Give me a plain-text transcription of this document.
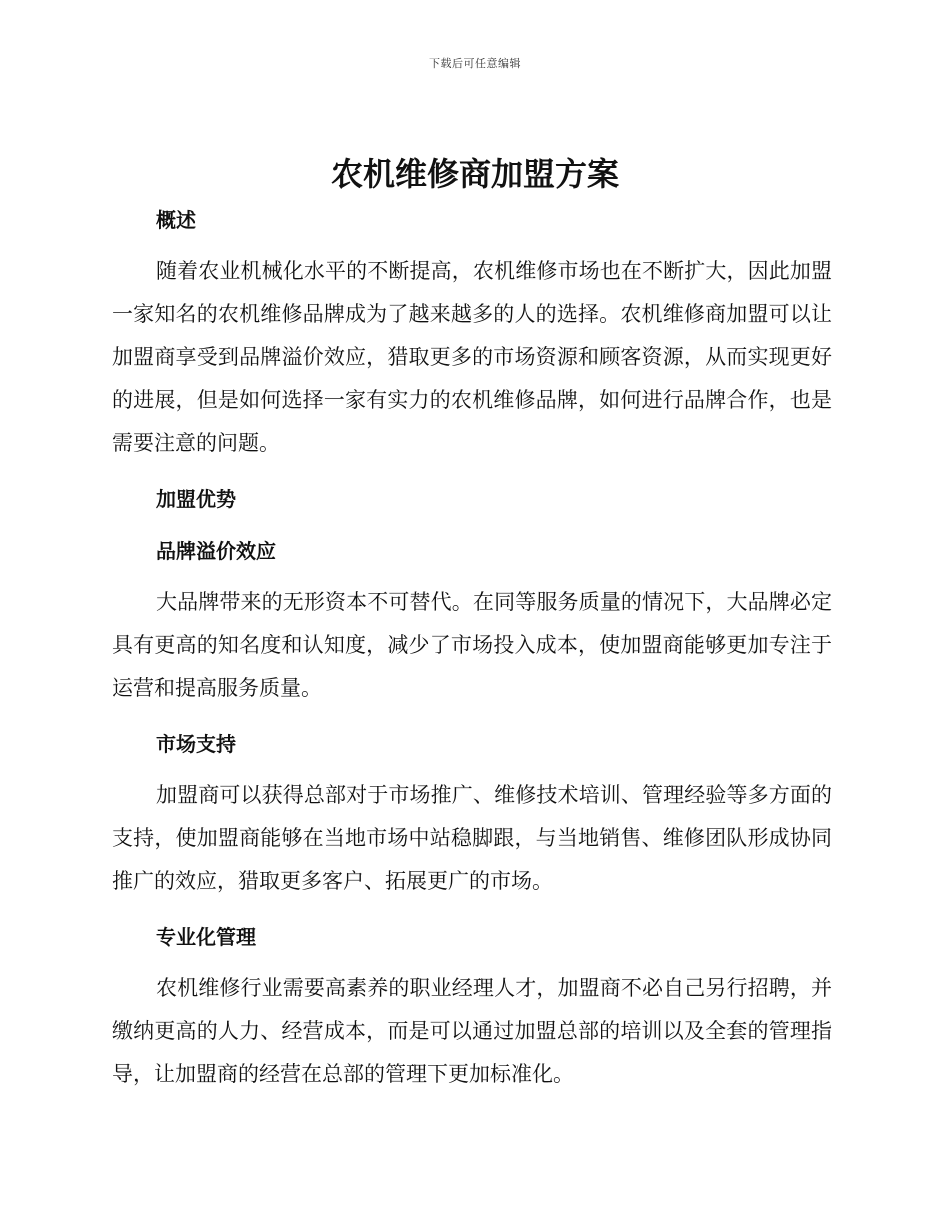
下载后可任意编辑
农机维修商加盟方案
概述

随着农业机械化水平的不断提高，农机维修市场也在不断扩大，因此加盟一家知名的农机维修品牌成为了越来越多的人的选择。农机维修商加盟可以让加盟商享受到品牌溢价效应，猎取更多的市场资源和顾客资源，从而实现更好的进展，但是如何选择一家有实力的农机维修品牌，如何进行品牌合作，也是需要注意的问题。

加盟优势
品牌溢价效应

大品牌带来的无形资本不可替代。在同等服务质量的情况下，大品牌必定具有更高的知名度和认知度，减少了市场投入成本，使加盟商能够更加专注于运营和提高服务质量。

市场支持

加盟商可以获得总部对于市场推广、维修技术培训、管理经验等多方面的支持，使加盟商能够在当地市场中站稳脚跟，与当地销售、维修团队形成协同推广的效应，猎取更多客户、拓展更广的市场。

专业化管理

农机维修行业需要高素养的职业经理人才，加盟商不必自己另行招聘，并缴纳更高的人力、经营成本，而是可以通过加盟总部的培训以及全套的管理指导，让加盟商的经营在总部的管理下更加标准化。
